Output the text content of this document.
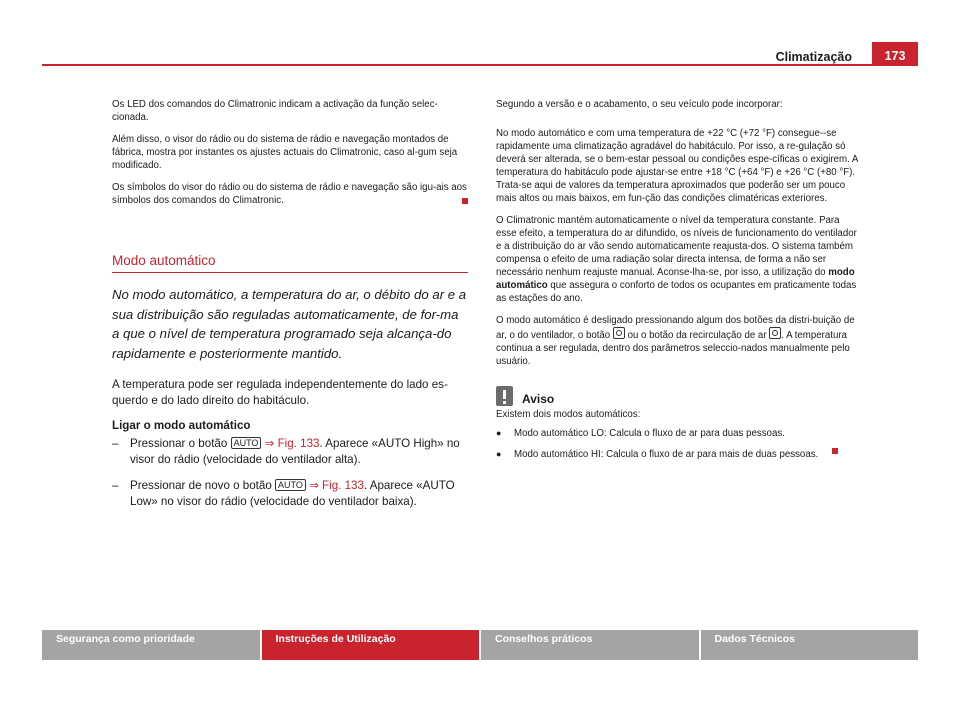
Climatização	173

Os LED dos comandos do Climatronic indicam a activação da função selec-cionada.

Além disso, o visor do rádio ou do sistema de rádio e navegação montados de fábrica, mostra por instantes os ajustes actuais do Climatronic, caso al-gum seja modificado.

Os símbolos do visor do rádio ou do sistema de rádio e navegação são igu-ais aos símbolos dos comandos do Climatronic.

Modo automático
No modo automático, a temperatura do ar, o débito do ar e a sua distribuição são reguladas automaticamente, de for-ma a que o nível de temperatura programado seja alcança-do rapidamente e posteriormente mantido.

A temperatura pode ser regulada independentemente do lado es-querdo e do lado direito do habitáculo.

Ligar o modo automático
– Pressionar o botão AUTO ⇒ Fig. 133. Aparece «AUTO High» no visor do rádio (velocidade do ventilador alta).
– Pressionar de novo o botão AUTO ⇒ Fig. 133. Aparece «AUTO Low» no visor do rádio (velocidade do ventilador baixa).

Segundo a versão e o acabamento, o seu veículo pode incorporar:

No modo automático e com uma temperatura de +22 °C (+72 °F) consegue--se rapidamente uma climatização agradável do habitáculo. Por isso, a re-gulação só deverá ser alterada, se o bem-estar pessoal ou condições espe-cíficas o exigirem. A temperatura do habitáculo pode ajustar-se entre +18 °C (+64 °F) e +26 °C (+80 °F). Trata-se aqui de valores da temperatura aproximados que poderão ser um pouco mais altos ou mais baixos, em fun-ção das condições climatéricas exteriores.

O Climatronic mantém automaticamente o nível da temperatura constante. Para esse efeito, a temperatura do ar difundido, os níveis de funcionamento do ventilador e a distribuição do ar vão sendo automaticamente reajusta-dos. O sistema também compensa o efeito de uma radiação solar directa intensa, de forma a não ser necessário nenhum reajuste manual. Aconse-lha-se, por isso, a utilização do modo automático que assegura o conforto de todos os ocupantes em praticamente todas as estações do ano.

O modo automático é desligado pressionando algum dos botões da distri-buição de ar, o do ventilador, o botão ou o botão da recirculação de ar . A temperatura continua a ser regulada, dentro dos parâmetros seleccio-nados manualmente pelo usuário.

Aviso

Existem dois modos automáticos:

●	Modo automático LO: Calcula o fluxo de ar para duas pessoas.
●	Modo automático HI: Calcula o fluxo de ar para mais de duas pessoas.
Segurança como prioridade	Instruções de Utilização	Conselhos práticos	Dados Técnicos
